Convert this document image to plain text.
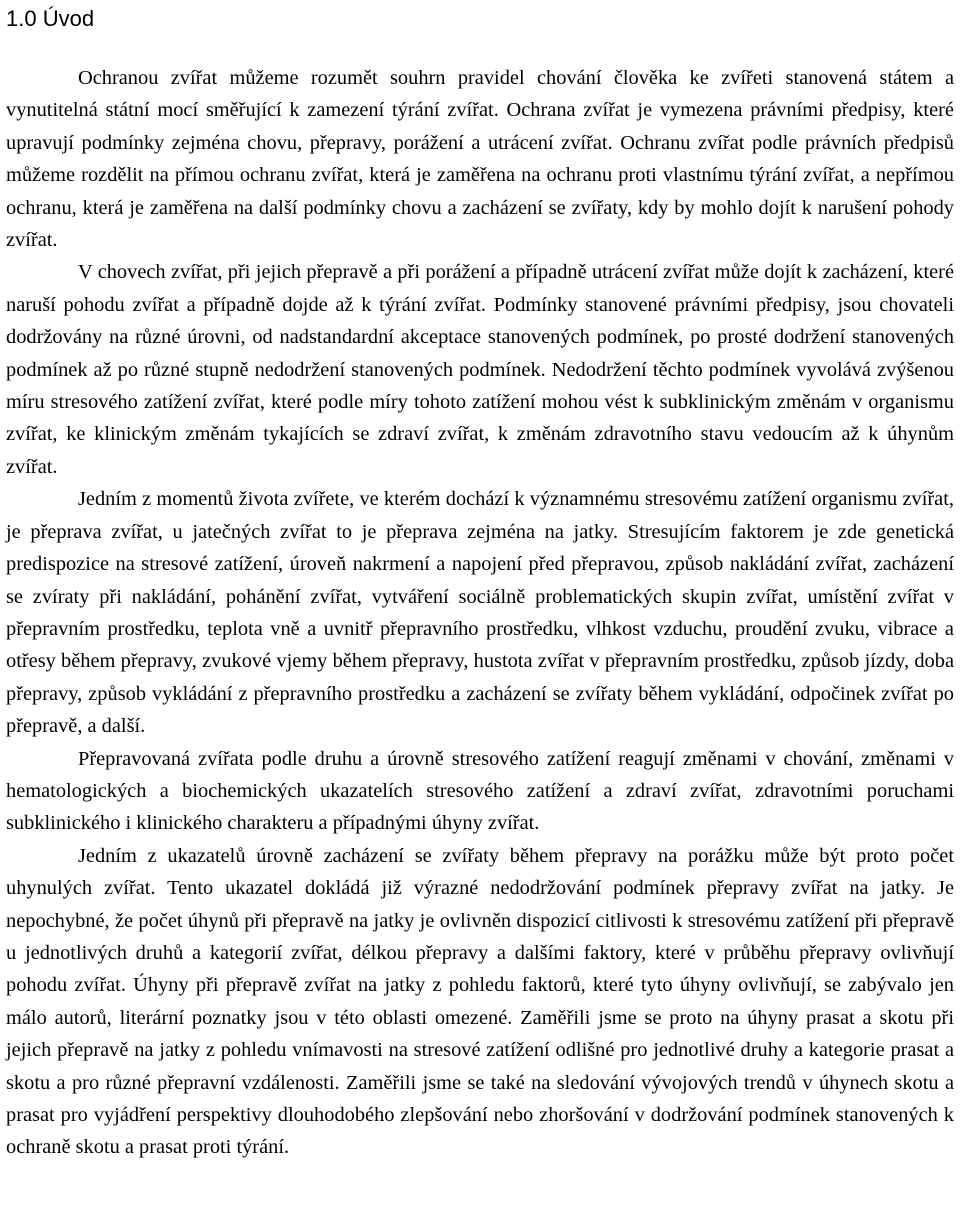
1.0 Úvod

Ochranou zvířat můžeme rozumět souhrn pravidel chování člověka ke zvířeti stanovená státem a vynutitelná státní mocí směřující k zamezení týrání zvířat. Ochrana zvířat je vymezena právními předpisy, které upravují podmínky zejména chovu, přepravy, porážení a utrácení zvířat. Ochranu zvířat podle právních předpisů můžeme rozdělit na přímou ochranu zvířat, která je zaměřena na ochranu proti vlastnímu týrání zvířat, a nepřímou ochranu, která je zaměřena na další podmínky chovu a zacházení se zvířaty, kdy by mohlo dojít k narušení pohody zvířat.

V chovech zvířat, při jejich přepravě a při porážení a případně utrácení zvířat může dojít k zacházení, které naruší pohodu zvířat a případně dojde až k týrání zvířat. Podmínky stanovené právními předpisy, jsou chovateli dodržovány na různé úrovni, od nadstandardní akceptace stanovených podmínek, po prosté dodržení stanovených podmínek až po různé stupně nedodržení stanovených podmínek. Nedodržení těchto podmínek vyvolává zvýšenou míru stresového zatížení zvířat, které podle míry tohoto zatížení mohou vést k subklinickým změnám v organismu zvířat, ke klinickým změnám tykajících se zdraví zvířat, k změnám zdravotního stavu vedoucím až k úhynům zvířat.

Jedním z momentů života zvířete, ve kterém dochází k významnému stresovému zatížení organismu zvířat, je přeprava zvířat, u jatečných zvířat to je přeprava zejména na jatky. Stresujícím faktorem je zde genetická predispozice na stresové zatížení, úroveň nakrmení a napojení před přepravou, způsob nakládání zvířat, zacházení se zvíraty při nakládání, pohánění zvířat, vytváření sociálně problematických skupin zvířat, umístění zvířat v přepravním prostředku, teplota vně a uvnitř přepravního prostředku, vlhkost vzduchu, proudění zvuku, vibrace a otřesy během přepravy, zvukové vjemy během přepravy, hustota zvířat v přepravním prostředku, způsob jízdy, doba přepravy, způsob vykládání z přepravního prostředku a zacházení se zvířaty během vykládání, odpočinek zvířat po přepravě, a další.

Přepravovaná zvířata podle druhu a úrovně stresového zatížení reagují změnami v chování, změnami v hematologických a biochemických ukazatelích stresového zatížení a zdraví zvířat, zdravotními poruchami subklinického i klinického charakteru a případnými úhyny zvířat.

Jedním z ukazatelů úrovně zacházení se zvířaty během přepravy na porážku může být proto počet uhynulých zvířat. Tento ukazatel dokládá již výrazné nedodržování podmínek přepravy zvířat na jatky. Je nepochybné, že počet úhynů při přepravě na jatky je ovlivněn dispozicí citlivosti k stresovému zatížení při přepravě u jednotlivých druhů a kategorií zvířat, délkou přepravy a dalšími faktory, které v průběhu přepravy ovlivňují pohodu zvířat. Úhyny při přepravě zvířat na jatky z pohledu faktorů, které tyto úhyny ovlivňují, se zabývalo jen málo autorů, literární poznatky jsou v této oblasti omezené. Zaměřili jsme se proto na úhyny prasat a skotu při jejich přepravě na jatky z pohledu vnímavosti na stresové zatížení odlišné pro jednotlivé druhy a kategorie prasat a skotu a pro různé přepravní vzdálenosti. Zaměřili jsme se také na sledování vývojových trendů v úhynech skotu a prasat pro vyjádření perspektivy dlouhodobého zlepšování nebo zhoršování v dodržování podmínek stanovených k ochraně skotu a prasat proti týrání.
